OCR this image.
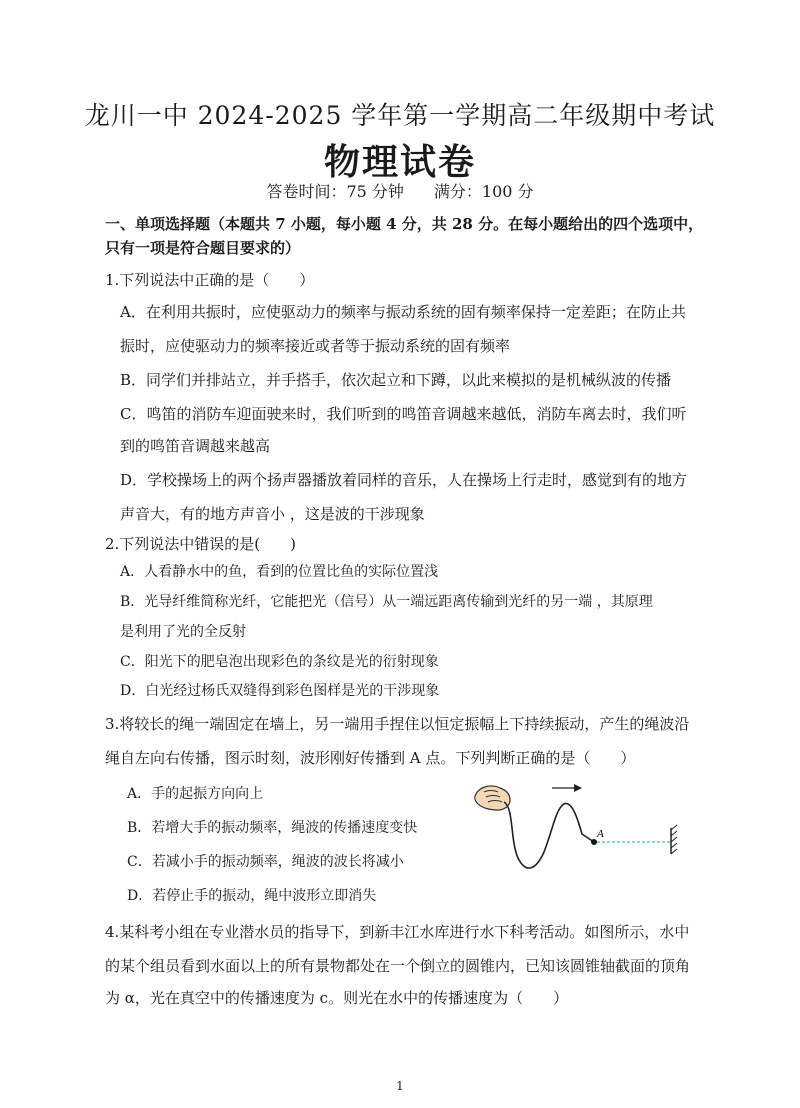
龙川一中 2024-2025 学年第一学期高二年级期中考试
物理试卷
答卷时间：75 分钟 满分：100 分
一、单项选择题（本题共 7 小题，每小题 4 分，共 28 分。在每小题给出的四个选项中，
只有一项是符合题目要求的）
1.下列说法中正确的是（　　）
A．在利用共振时，应使驱动力的频率与振动系统的固有频率保持一定差距；在防止共
振时，应使驱动力的频率接近或者等于振动系统的固有频率
B．同学们并排站立，并手搭手，依次起立和下蹲，以此来模拟的是机械纵波的传播
C．鸣笛的消防车迎面驶来时，我们听到的鸣笛音调越来越低，消防车离去时，我们听
到的鸣笛音调越来越高
D．学校操场上的两个扬声器播放着同样的音乐，人在操场上行走时，感觉到有的地方
声音大，有的地方声音小 ，这是波的干涉现象
2.下列说法中错误的是(　　)
A．人看静水中的鱼，看到的位置比鱼的实际位置浅
B．光导纤维简称光纤，它能把光（信号）从一端远距离传输到光纤的另一端 ，其原理
是利用了光的全反射
C．阳光下的肥皂泡出现彩色的条纹是光的衍射现象
D．白光经过杨氏双缝得到彩色图样是光的干涉现象
3.将较长的绳一端固定在墙上，另一端用手捏住以恒定振幅上下持续振动，产生的绳波沿
绳自左向右传播，图示时刻，波形刚好传播到 A 点。下列判断正确的是（　　）
A．手的起振方向向上
B．若增大手的振动频率，绳波的传播速度变快
C．若减小手的振动频率，绳波的波长将减小
D．若停止手的振动，绳中波形立即消失
A
4.某科考小组在专业潜水员的指导下，到新丰江水库进行水下科考活动。如图所示，水中
的某个组员看到水面以上的所有景物都处在一个倒立的圆锥内，已知该圆锥轴截面的顶角
为 α，光在真空中的传播速度为 c。则光在水中的传播速度为（　　）
1
